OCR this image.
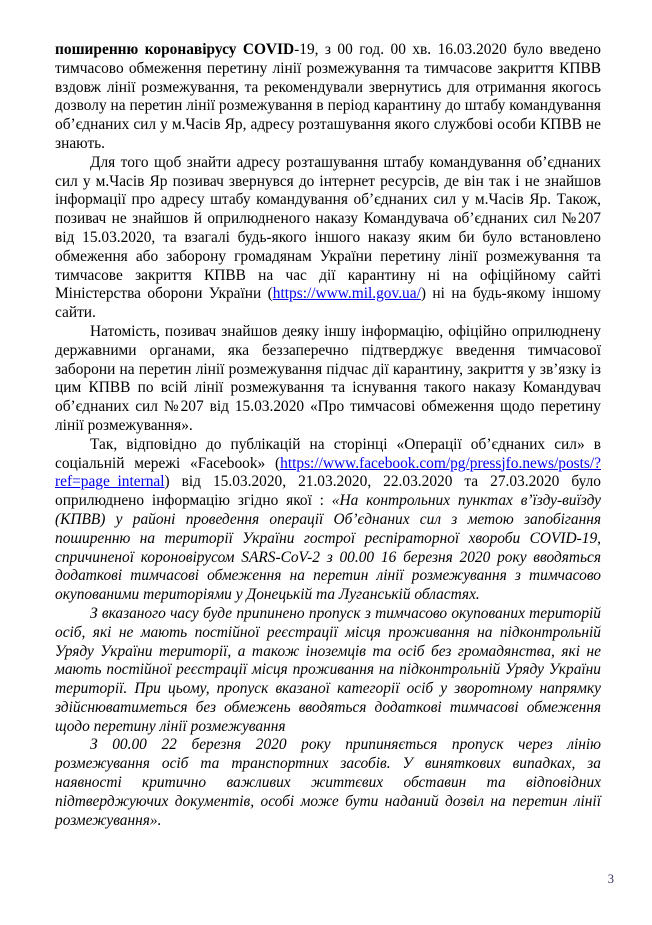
поширенню коронавірусу COVID-19, з 00 год. 00 хв. 16.03.2020 було введено тимчасово обмеження перетину лінії розмежування та тимчасове закриття КПВВ вздовж лінії розмежування, та рекомендували звернутись для отримання якогось дозволу на перетин лінії розмежування в період карантину до штабу командування об’єднаних сил у м.Часів Яр, адресу розташування якого службові особи КПВВ не знають.

Для того щоб знайти адресу розташування штабу командування об’єднаних сил у м.Часів Яр позивач звернувся до інтернет ресурсів, де він так і не знайшов інформації про адресу штабу командування об’єднаних сил у м.Часів Яр. Також, позивач не знайшов й оприлюдненого наказу Командувача об’єднаних сил №207 від 15.03.2020, та взагалі будь-якого іншого наказу яким би було встановлено обмеження або заборону громадянам України перетину лінії розмежування та тимчасове закриття КПВВ на час дії карантину ні на офіційному сайті Міністерства оборони України (https://www.mil.gov.ua/) ні на будь-якому іншому сайти.

Натомість, позивач знайшов деяку іншу інформацію, офіційно оприлюднену державними органами, яка беззаперечно підтверджує введення тимчасової заборони на перетин лінії розмежування підчас дії карантину, закриття у зв’язку із цим КПВВ по всій лінії розмежування та існування такого наказу Командувач об’єднаних сил №207 від 15.03.2020 «Про тимчасові обмеження щодо перетину лінії розмежування».

Так, відповідно до публікацій на сторінці «Операції об’єднаних сил» в соціальній мережі «Facebook» (https://www.facebook.com/pg/pressjfo.news/posts/?ref=page_internal) від 15.03.2020, 21.03.2020, 22.03.2020 та 27.03.2020 було оприлюднено інформацію згідно якої : «На контрольних пунктах в’їзду-виїзду (КПВВ) у районі проведення операції Об’єднаних сил з метою запобігання поширенню на території України гострої респіраторної хвороби COVID-19, спричиненої короновірусом SARS-CoV-2 з 00.00 16 березня 2020 року вводяться додаткові тимчасові обмеження на перетин лінії розмежування з тимчасово окупованими територіями у Донецькій та Луганській областях.

З вказаного часу буде припинено пропуск з тимчасово окупованих територій осіб, які не мають постійної реєстрації місця проживання на підконтрольній Уряду України території, а також іноземців та осіб без громадянства, які не мають постійної реєстрації місця проживання на підконтрольній Уряду України території. При цьому, пропуск вказаної категорії осіб у зворотному напрямку здійснюватиметься без обмежень вводяться додаткові тимчасові обмеження щодо перетину лінії розмежування

З 00.00 22 березня 2020 року припиняється пропуск через лінію розмежування осіб та транспортних засобів. У виняткових випадках, за наявності критично важливих життєвих обставин та відповідних підтверджуючих документів, особі може бути наданий дозвіл на перетин лінії розмежування».

3
